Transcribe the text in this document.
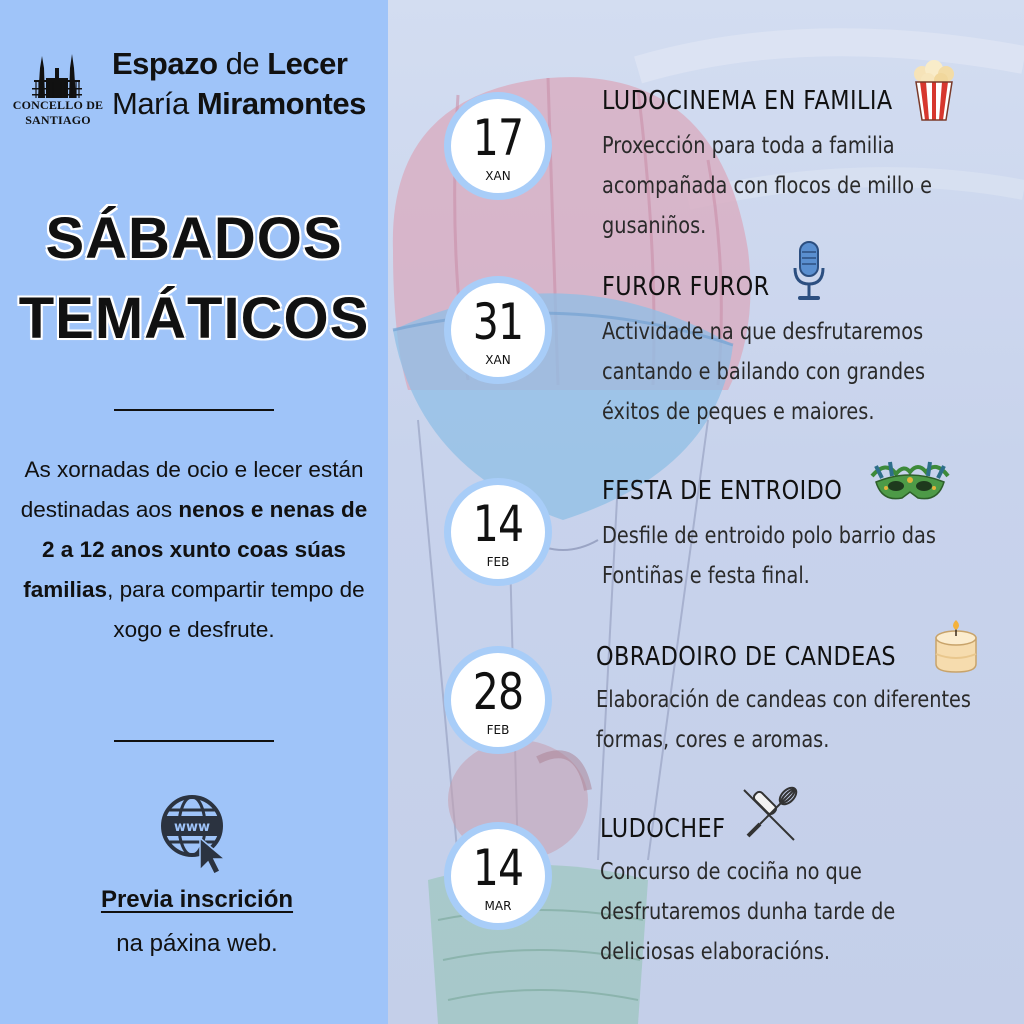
CONCELLO DE
SANTIAGO
Espazo de Lecer
María Miramontes
SÁBADOS
TEMÁTICOS
As xornadas de ocio e lecer están destinadas aos nenos e nenas de 2 a 12 anos xunto coas súas familias, para compartir tempo de xogo e desfrute.
www
Previa inscrición
na páxina web.
17
XAN
LUDOCINEMA EN FAMILIA
Proxección para toda a familia acompañada con flocos de millo e gusaniños.
31
XAN
FUROR FUROR
Actividade na que desfrutaremos cantando e bailando con grandes éxitos de peques e maiores.
14
FEB
FESTA DE ENTROIDO
Desfile de entroido polo barrio das Fontiñas e festa final.
28
FEB
OBRADOIRO DE CANDEAS
Elaboración de candeas con diferentes formas, cores e aromas.
14
MAR
LUDOCHEF
Concurso de cociña no que desfrutaremos dunha tarde de deliciosas elaboracións.
